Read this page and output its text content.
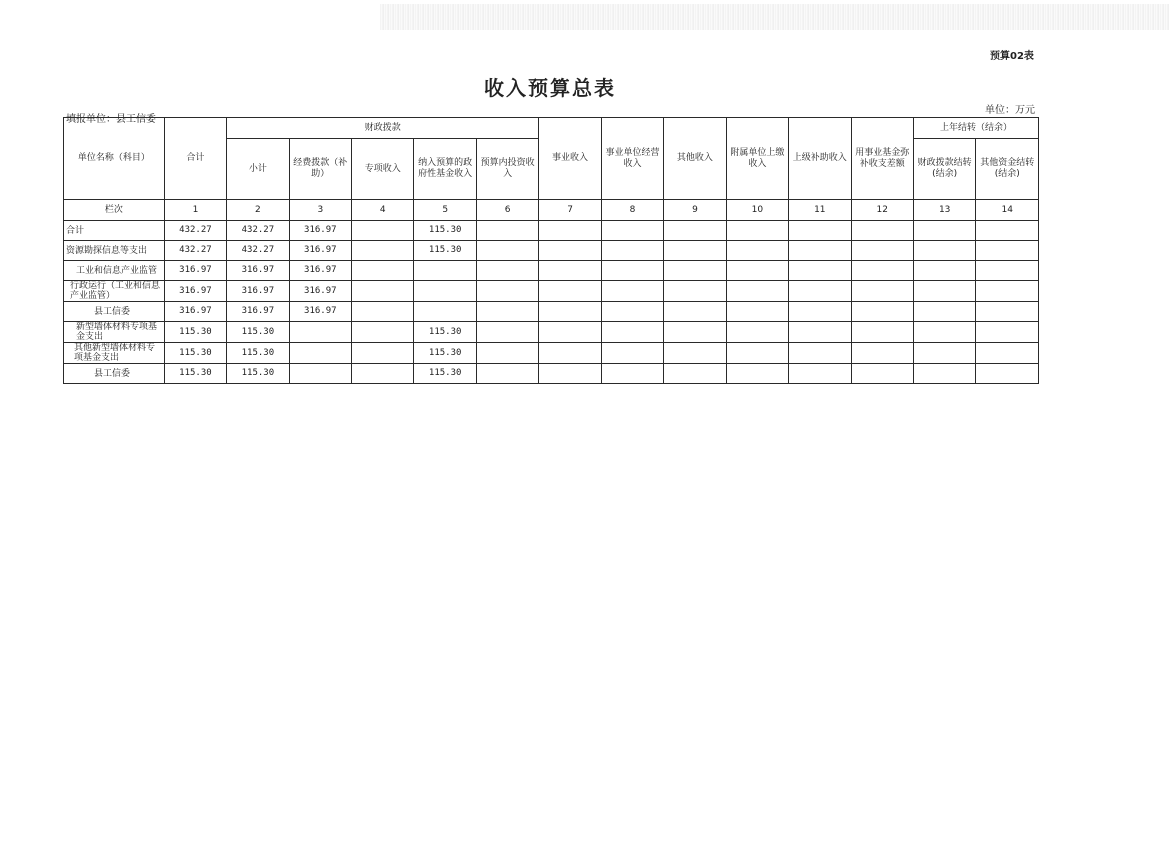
预算02表
收入预算总表
单位：万元
填报单位：县工信委
单位名称（科目）	合计	财政拨款					事业收入	事业单位经营收入	其他收入	附属单位上缴收入	上级补助收入	用事业基金弥补收支差额	上年结转（结余）	
		小计	经费拨款（补助）	专项收入	纳入预算的政府性基金收入	预算内投资收入							财政拨款结转(结余)	其他资金结转(结余)
栏次	1	2	3	4	5	6	7	8	9	10	11	12	13	14
合计	432.27	432.27	316.97		115.30									
资源勘探信息等支出	432.27	432.27	316.97		115.30									
工业和信息产业监管	316.97	316.97	316.97											
行政运行（工业和信息产业监管）	316.97	316.97	316.97											
县工信委	316.97	316.97	316.97											
新型墙体材料专项基金支出	115.30	115.30			115.30									
其他新型墙体材料专项基金支出	115.30	115.30			115.30									
县工信委	115.30	115.30			115.30									
